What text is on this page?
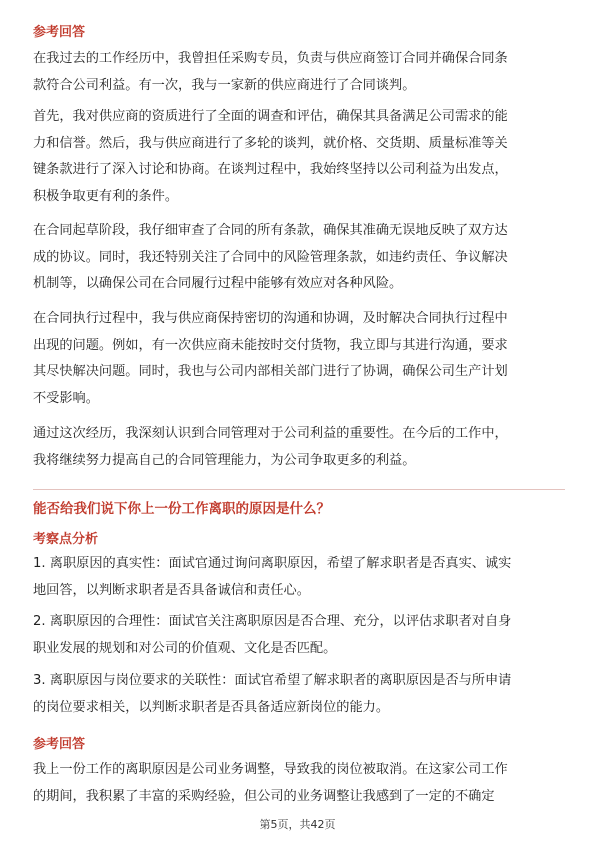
参考回答

在我过去的工作经历中，我曾担任采购专员，负责与供应商签订合同并确保合同条
款符合公司利益。有一次，我与一家新的供应商进行了合同谈判。

首先，我对供应商的资质进行了全面的调查和评估，确保其具备满足公司需求的能
力和信誉。然后，我与供应商进行了多轮的谈判，就价格、交货期、质量标准等关
键条款进行了深入讨论和协商。在谈判过程中，我始终坚持以公司利益为出发点，
积极争取更有利的条件。

在合同起草阶段，我仔细审查了合同的所有条款，确保其准确无误地反映了双方达
成的协议。同时，我还特别关注了合同中的风险管理条款，如违约责任、争议解决
机制等，以确保公司在合同履行过程中能够有效应对各种风险。

在合同执行过程中，我与供应商保持密切的沟通和协调，及时解决合同执行过程中
出现的问题。例如，有一次供应商未能按时交付货物，我立即与其进行沟通，要求
其尽快解决问题。同时，我也与公司内部相关部门进行了协调，确保公司生产计划
不受影响。

通过这次经历，我深刻认识到合同管理对于公司利益的重要性。在今后的工作中，
我将继续努力提高自己的合同管理能力，为公司争取更多的利益。

能否给我们说下你上一份工作离职的原因是什么？
考察点分析

1. 离职原因的真实性：面试官通过询问离职原因，希望了解求职者是否真实、诚实
地回答，以判断求职者是否具备诚信和责任心。

2. 离职原因的合理性：面试官关注离职原因是否合理、充分，以评估求职者对自身
职业发展的规划和对公司的价值观、文化是否匹配。

3. 离职原因与岗位要求的关联性：面试官希望了解求职者的离职原因是否与所申请
的岗位要求相关，以判断求职者是否具备适应新岗位的能力。

参考回答

我上一份工作的离职原因是公司业务调整，导致我的岗位被取消。在这家公司工作
的期间，我积累了丰富的采购经验，但公司的业务调整让我感到了一定的不确定

第5页，共42页
